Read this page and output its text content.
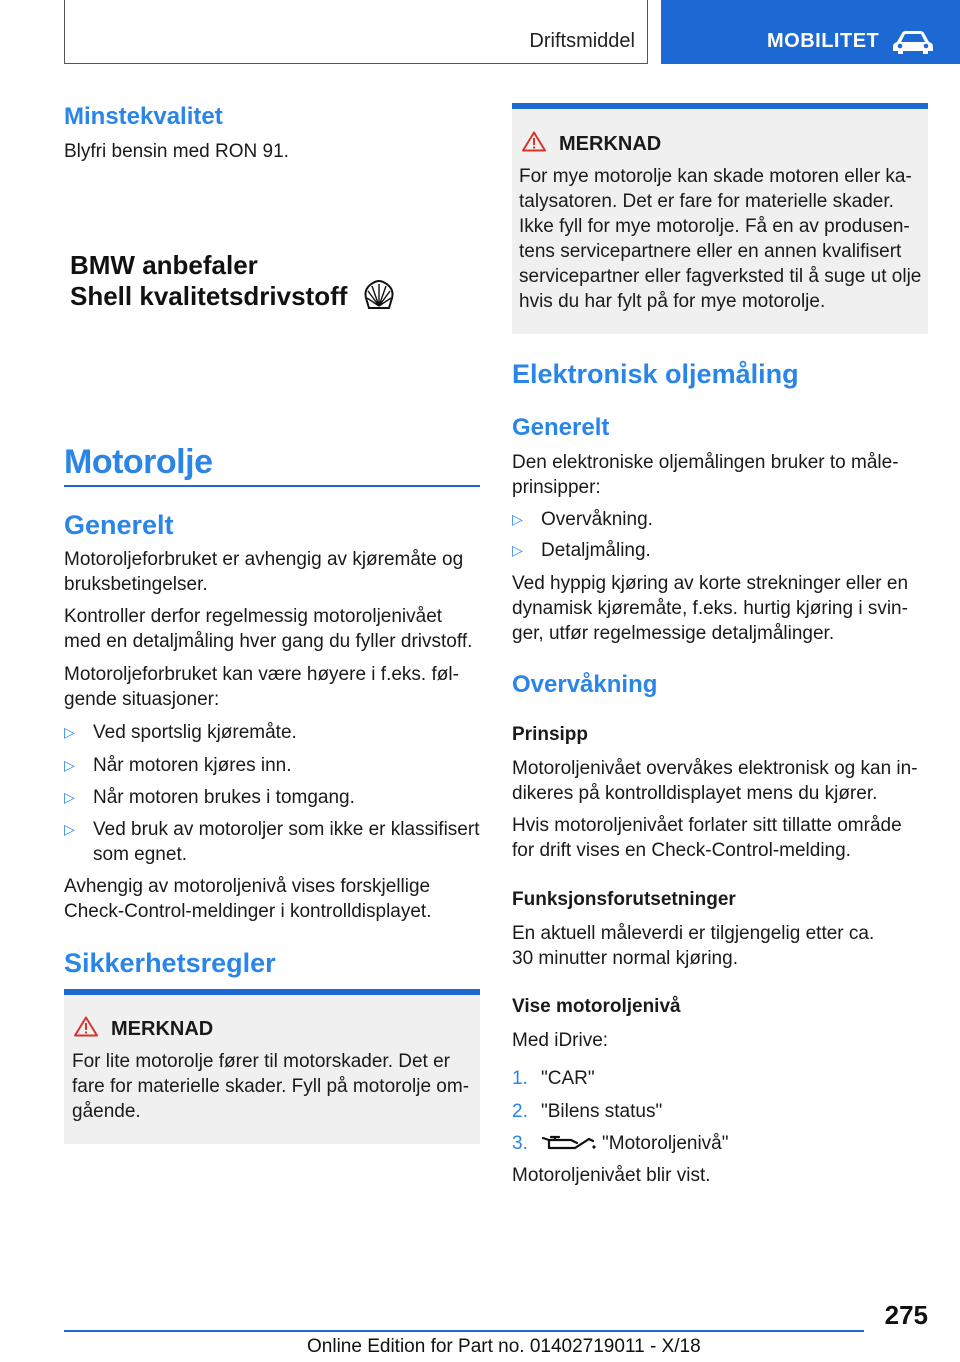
Driftsmiddel	MOBILITET
Minstekvalitet

Blyfri bensin med RON 91.

BMW anbefaler
Shell kvalitetsdrivstoff
Motorolje
Generelt

Motoroljeforbruket er avhengig av kjøremåte og

bruksbetingelser.

Kontroller derfor regelmessig motoroljenivået

med en detaljmåling hver gang du fyller drivstoff.

Motoroljeforbruket kan være høyere i f.eks. føl-

gende situasjoner:

▷ Ved sportslig kjøremåte.
▷ Når motoren kjøres inn.
▷ Når motoren brukes i tomgang.
▷ Ved bruk av motoroljer som ikke er klassifisert
som egnet.

Avhengig av motoroljenivå vises forskjellige

Check-Control-meldinger i kontrolldisplayet.

Sikkerhetsregler
MERKNAD

For lite motorolje fører til motorskader. Det er

fare for materielle skader. Fyll på motorolje om-

gående.

MERKNAD

For mye motorolje kan skade motoren eller ka-

talysatoren. Det er fare for materielle skader.

Ikke fyll for mye motorolje. Få en av produsen-

tens servicepartnere eller en annen kvalifisert

servicepartner eller fagverksted til å suge ut olje

hvis du har fylt på for mye motorolje.

Elektronisk oljemåling
Generelt

Den elektroniske oljemålingen bruker to måle-

prinsipper:

▷ Overvåkning.
▷ Detaljmåling.

Ved hyppig kjøring av korte strekninger eller en

dynamisk kjøremåte, f.eks. hurtig kjøring i svin-

ger, utfør regelmessige detaljmålinger.

Overvåkning
Prinsipp

Motoroljenivået overvåkes elektronisk og kan in-

dikeres på kontrolldisplayet mens du kjører.

Hvis motoroljenivået forlater sitt tillatte område

for drift vises en Check-Control-melding.

Funksjonsforutsetninger

En aktuell måleverdi er tilgjengelig etter ca.

30 minutter normal kjøring.

Vise motoroljenivå

Med iDrive:

1. "CAR"
2. "Bilens status"
3.	"Motoroljenivå"

Motoroljenivået blir vist.

275
Online Edition for Part no. 01402719011 - X/18
